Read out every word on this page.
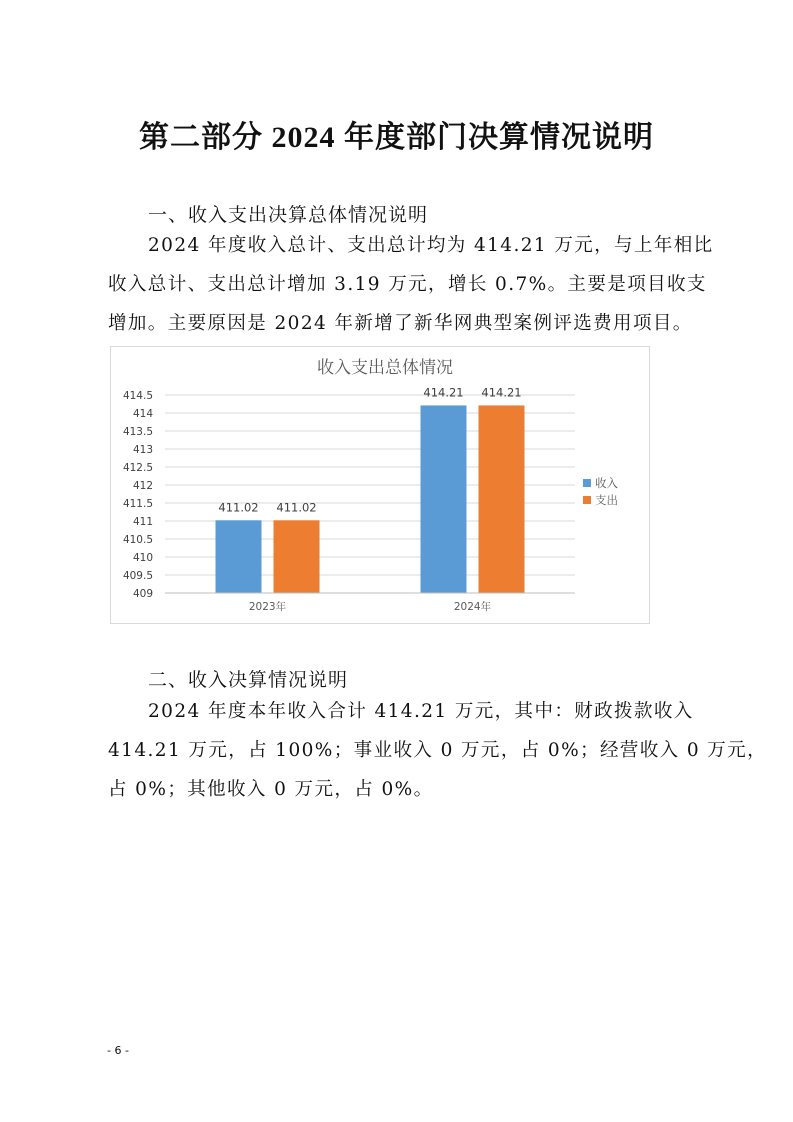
第二部分 2024 年度部门决算情况说明
一、收入支出决算总体情况说明
2024 年度收入总计、支出总计均为 414.21 万元，与上年相比
收入总计、支出总计增加 3.19 万元，增长 0.7%。主要是项目收支
增加。主要原因是 2024 年新增了新华网典型案例评选费用项目。
收入支出总体情况
409
409.5
410
410.5
411
411.5
412
412.5
413
413.5
414
414.5
411.02 411.02
2023年
414.21 414.21
2024年
收入
支出
二、收入决算情况说明
2024 年度本年收入合计 414.21 万元，其中：财政拨款收入
414.21 万元，占 100%；事业收入 0 万元，占 0%；经营收入 0 万元，
占 0%；其他收入 0 万元，占 0%。
- 6 -
